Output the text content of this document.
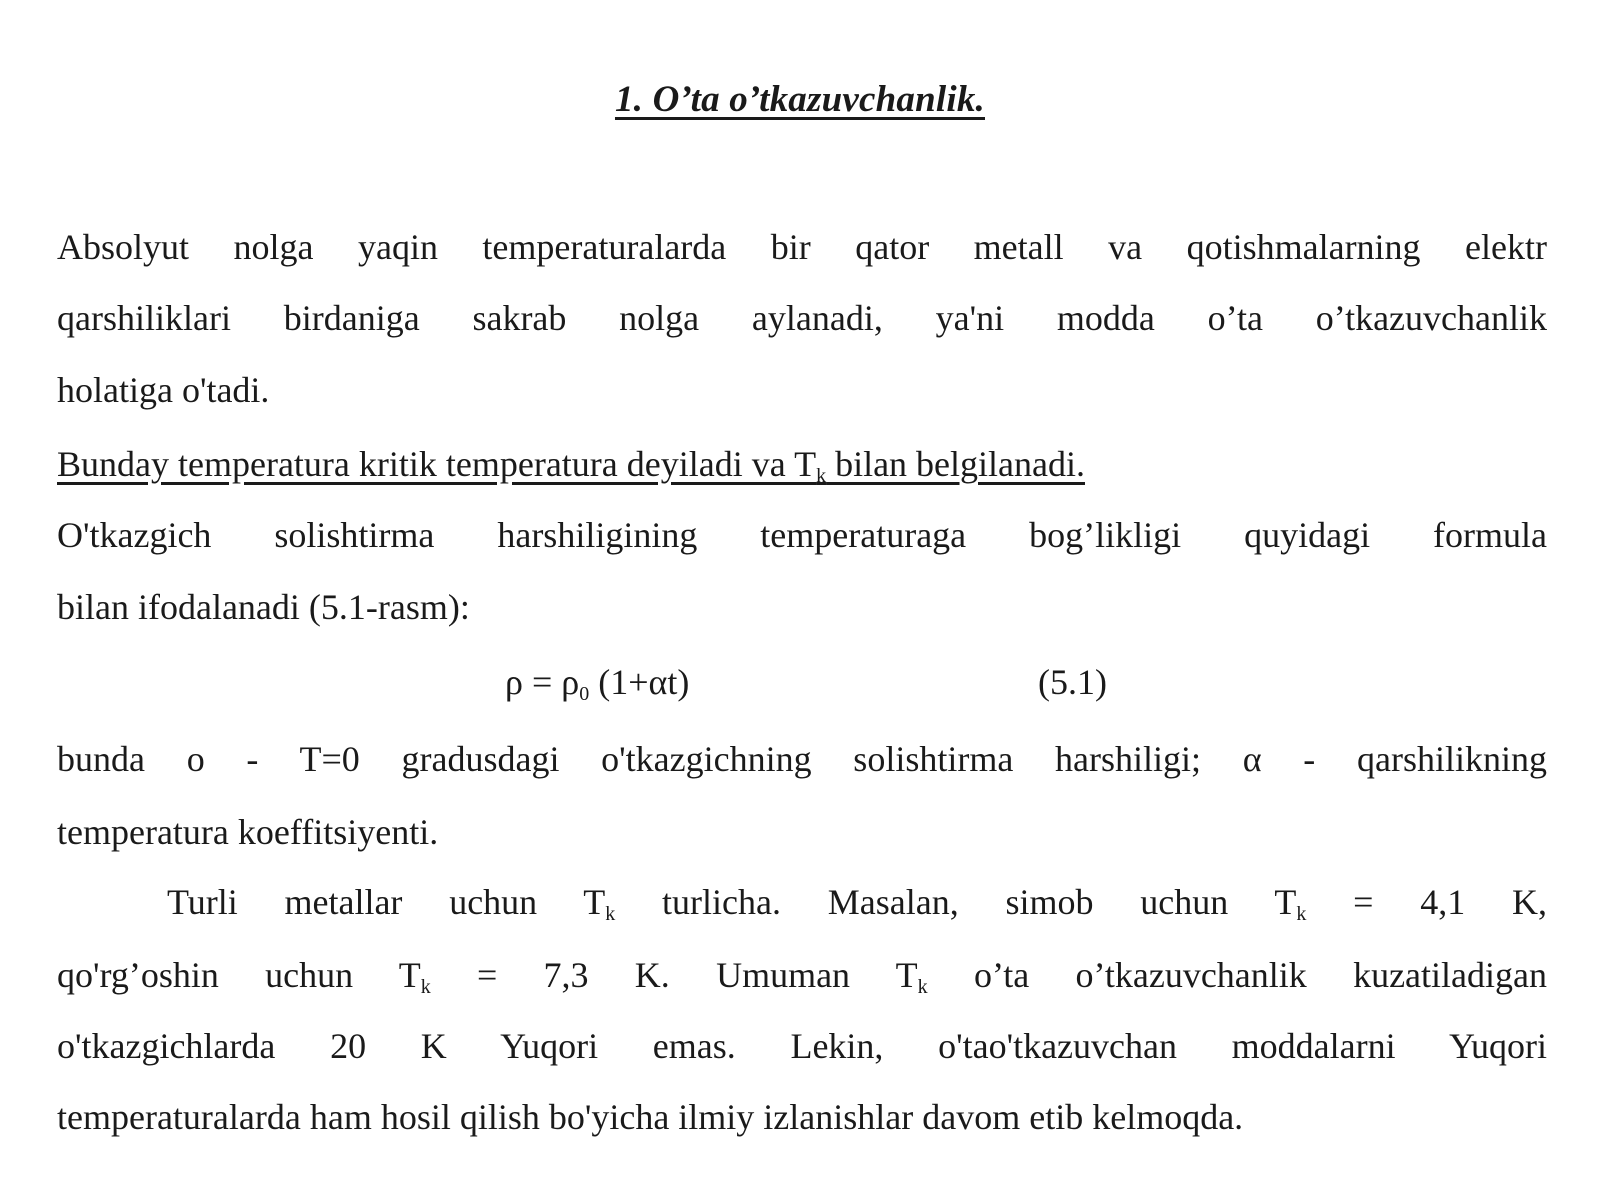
1. O’ta o’tkazuvchanlik.

Absolyut nolga yaqin temperaturalarda bir qator metall va qotishmalarning elektr

qarshiliklari birdaniga sakrab nolga aylanadi, ya'ni modda o’ta o’tkazuvchanlik

holatiga o'tadi.

Bunday temperatura kritik temperatura deyiladi va $T_k$ bilan belgilanadi.

O'tkazgich solishtirma harshiligining temperaturaga bog’likligi quyidagi formula

bilan ifodalanadi (5.1-rasm):

$\rho = \rho_0$ (1+αt)	(5.1)

bunda o - T=0 gradusdagi o'tkazgichning solishtirma harshiligi; α - qarshilikning

temperatura koeffitsiyenti.

Turli metallar uchun $T_k$ turlicha. Masalan, simob uchun $T_k = 4,1$ K,

qo'rg’oshin uchun $T_k = 7,3$ K. Umuman $T_k$ o’ta o’tkazuvchanlik kuzatiladigan

o'tkazgichlarda 20 K Yuqori emas. Lekin, o'tao'tkazuvchan moddalarni Yuqori

temperaturalarda ham hosil qilish bo'yicha ilmiy izlanishlar davom etib kelmoqda.
